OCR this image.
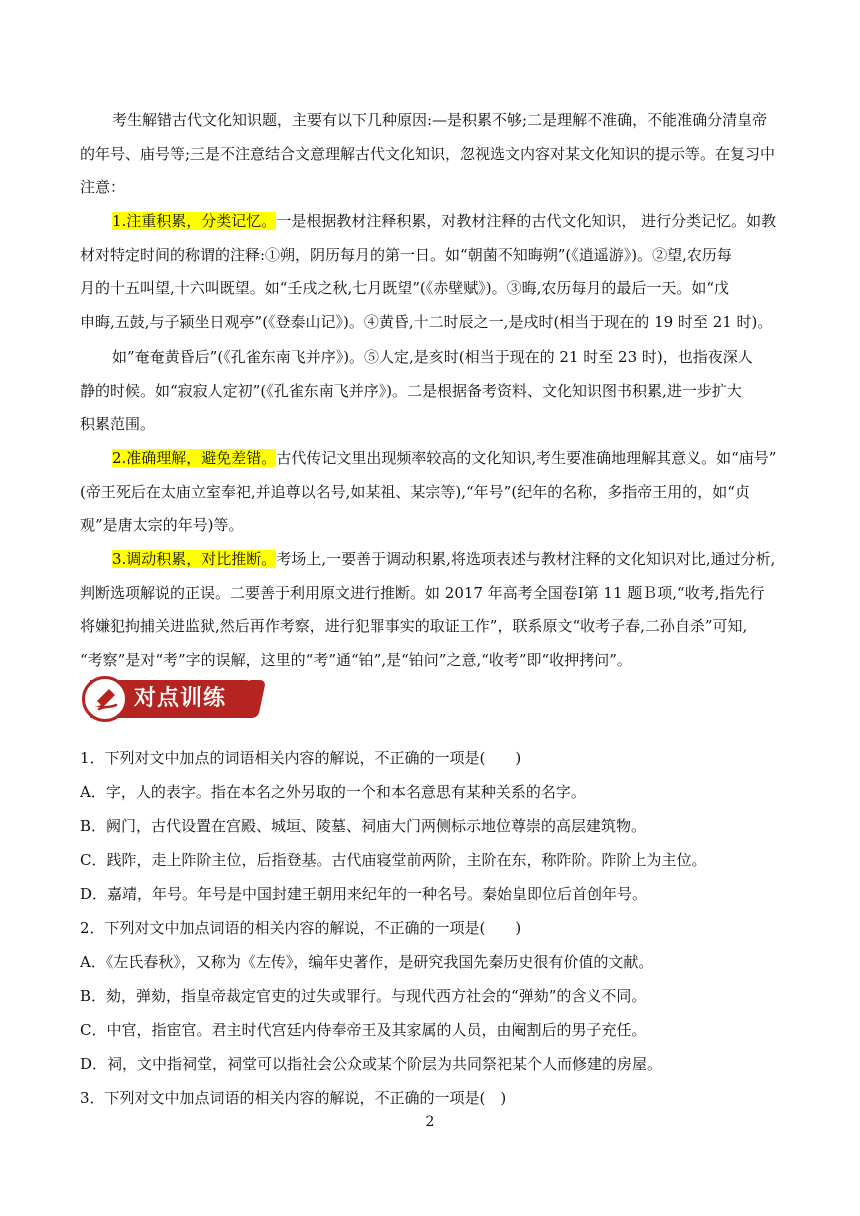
考生解错古代文化知识题，主要有以下几种原因:—是积累不够;二是理解不准确，不能准确分清皇帝
的年号、庙号等;三是不注意结合文意理解古代文化知识，忽视选文内容对某文化知识的提示等。在复习中
注意：

1.注重积累，分类记忆。一是根据教材注释积累，对教材注释的古代文化知识， 进行分类记忆。如教
材对特定时间的称谓的注释:①朔，阴历每月的第一日。如“朝菌不知晦朔”(《逍遥游》)。②望,农历每
月的十五叫望,十六叫既望。如“壬戌之秋,七月既望”(《赤壁赋》)。③晦,农历每月的最后一天。如“戊
申晦,五鼓,与子颍坐日观亭”(《登泰山记》)。④黄昏,十二时辰之一,是戌时(相当于现在的 19 时至 21 时)。

如”奄奄黄昏后”(《孔雀东南飞并序》)。⑤人定,是亥时(相当于现在的 21 时至 23 时)，也指夜深人
静的时候。如“寂寂人定初”(《孔雀东南飞并序》)。二是根据备考资料、文化知识图书积累,进一步扩大
积累范围。

2.准确理解，避免差错。古代传记文里出现频率较高的文化知识,考生要准确地理解其意义。如“庙号”
(帝王死后在太庙立室奉祀,并追尊以名号,如某祖、某宗等),“年号”(纪年的名称，多指帝王用的，如“贞
观”是唐太宗的年号)等。

3.调动积累，对比推断。考场上,一要善于调动积累,将选项表述与教材注释的文化知识对比,通过分析,
判断选项解说的正误。二要善于利用原文进行推断。如 2017 年高考全国卷Ⅰ第 11 题Ｂ项,“收考,指先行
将嫌犯拘捕关进监狱,然后再作考察，进行犯罪事实的取证工作”，联系原文“收考子春,二孙自杀”可知,
“考察”是对“考”字的误解，这里的“考”通“铂”,是“铂问”之意,“收考”即“收押拷问”。

对点训练
1．下列对文中加点的词语相关内容的解说，不正确的一项是(　　)
A．字，人的表字。指在本名之外另取的一个和本名意思有某种关系的名字。
B．阙门，古代设置在宫殿、城垣、陵墓、祠庙大门两侧标示地位尊崇的高层建筑物。
C．践阼，走上阼阶主位，后指登基。古代庙寝堂前两阶，主阶在东，称阼阶。阼阶上为主位。
D．嘉靖，年号。年号是中国封建王朝用来纪年的一种名号。秦始皇即位后首创年号。
2．下列对文中加点词语的相关内容的解说，不正确的一项是(　　)
A．《左氏春秋》，又称为《左传》，编年史著作，是研究我国先秦历史很有价值的文献。
B．劾，弹劾，指皇帝裁定官吏的过失或罪行。与现代西方社会的“弹劾”的含义不同。
C．中官，指宦官。君主时代宫廷内侍奉帝王及其家属的人员，由阉割后的男子充任。
D．祠，文中指祠堂，祠堂可以指社会公众或某个阶层为共同祭祀某个人而修建的房屋。
3．下列对文中加点词语的相关内容的解说，不正确的一项是(　)
2
